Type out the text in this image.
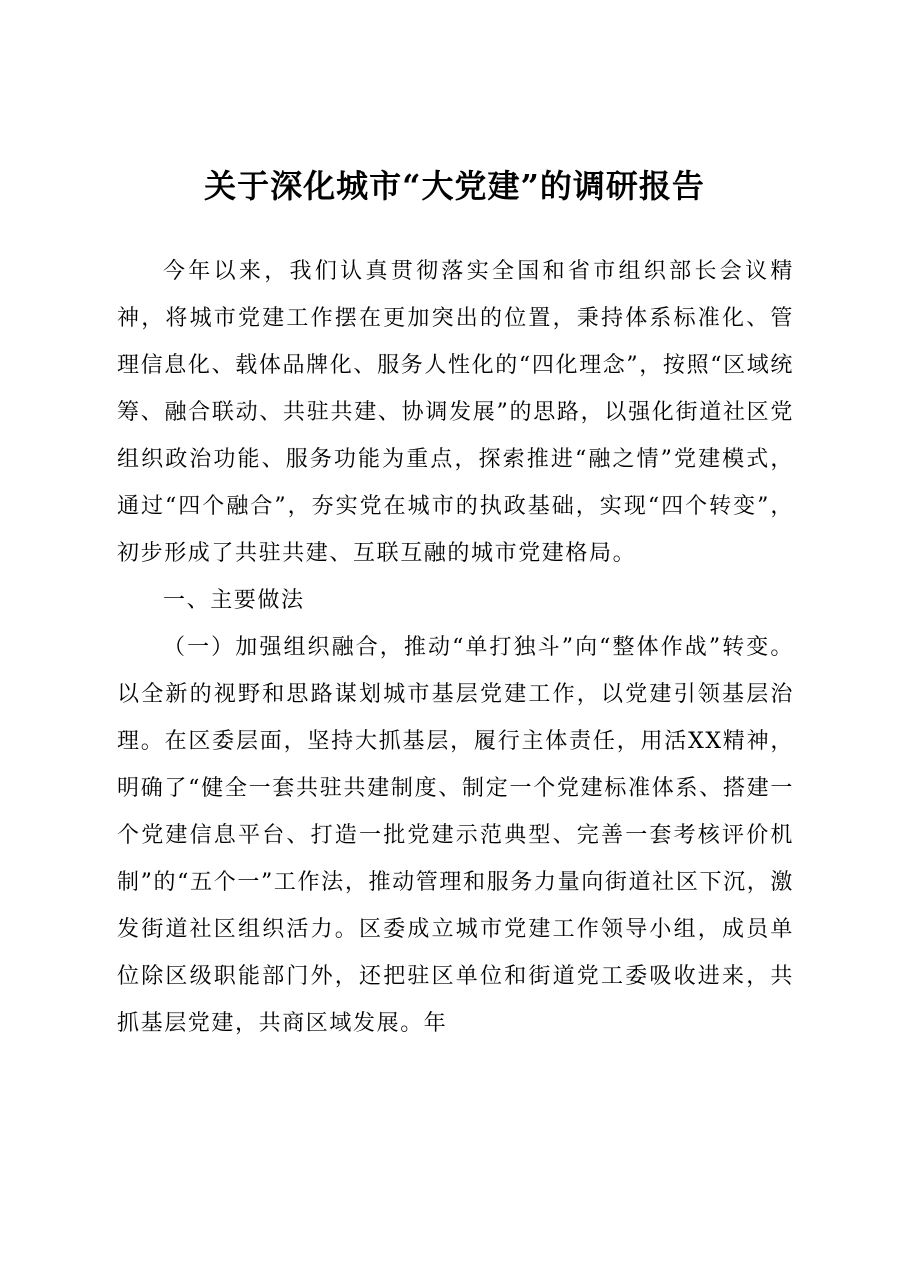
关于深化城市“大党建”的调研报告

今年以来，我们认真贯彻落实全国和省市组织部长会议精神，将城市党建工作摆在更加突出的位置，秉持体系标准化、管理信息化、载体品牌化、服务人性化的“四化理念”，按照“区域统筹、融合联动、共驻共建、协调发展”的思路，以强化街道社区党组织政治功能、服务功能为重点，探索推进“融之情”党建模式，通过“四个融合”，夯实党在城市的执政基础，实现“四个转变”，初步形成了共驻共建、互联互融的城市党建格局。

一、主要做法

（一）加强组织融合，推动“单打独斗”向“整体作战”转变。以全新的视野和思路谋划城市基层党建工作，以党建引领基层治理。在区委层面，坚持大抓基层，履行主体责任，用活XX精神，明确了“健全一套共驻共建制度、制定一个党建标准体系、搭建一个党建信息平台、打造一批党建示范典型、完善一套考核评价机制”的“五个一”工作法，推动管理和服务力量向街道社区下沉，激发街道社区组织活力。区委成立城市党建工作领导小组，成员单位除区级职能部门外，还把驻区单位和街道党工委吸收进来，共抓基层党建，共商区域发展。年
